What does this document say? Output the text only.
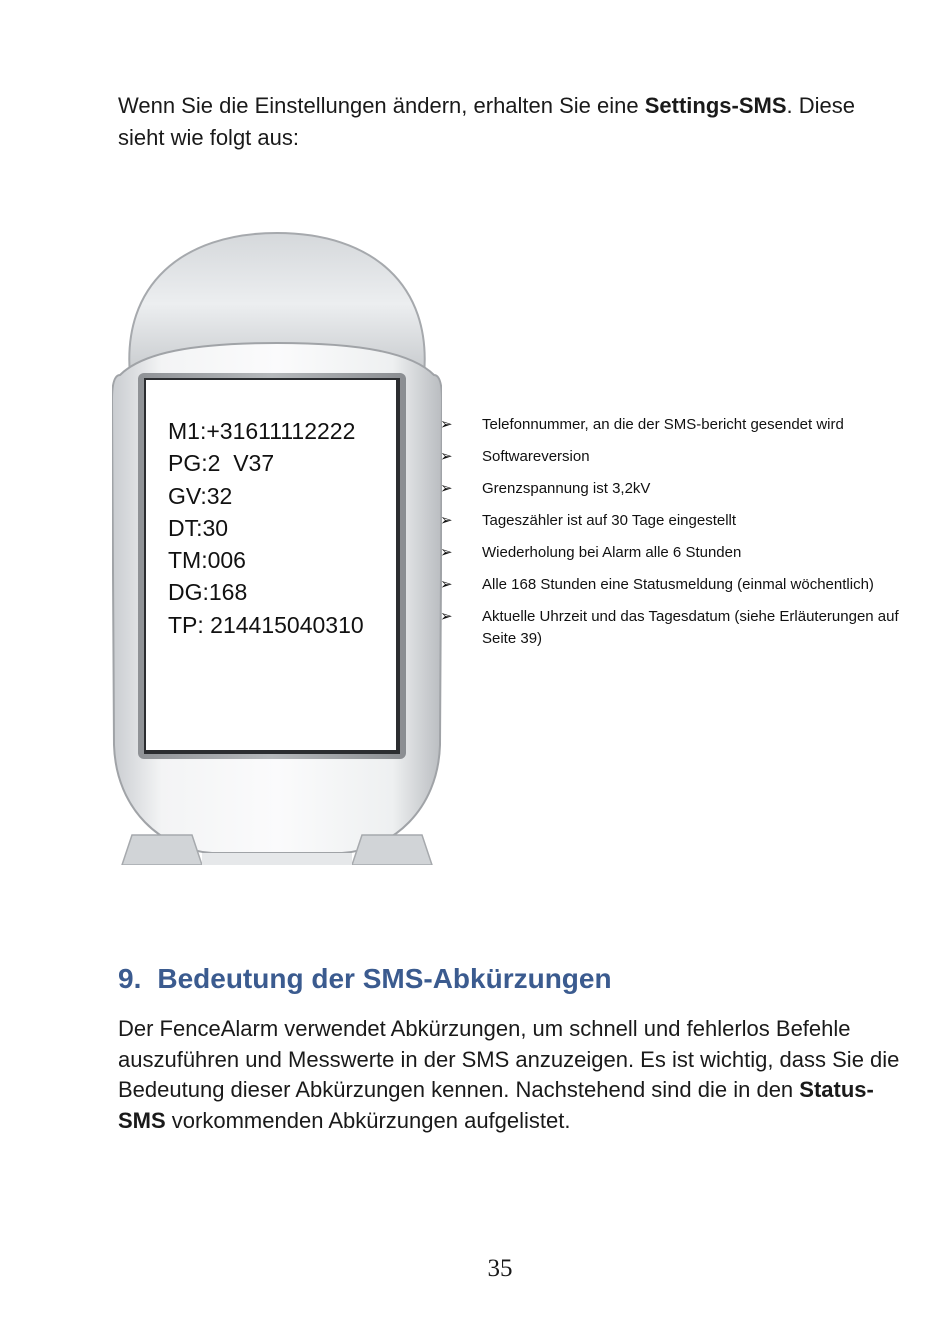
Wenn Sie die Einstellungen ändern, erhalten Sie eine Settings-SMS. Diese sieht wie folgt aus:

M1:+31611112222
PG:2  V37
GV:32
DT:30
TM:006
DG:168
TP: 214415040310
➢ Telefonnummer, an die der SMS-bericht gesendet wird
➢ Softwareversion
➢ Grenzspannung ist 3,2kV
➢ Tageszähler ist auf 30 Tage eingestellt
➢ Wiederholung bei Alarm alle 6 Stunden
➢ Alle 168 Stunden eine Statusmeldung (einmal wöchentlich)
➢ Aktuelle Uhrzeit und das Tagesdatum (siehe Erläuterungen auf Seite 39)
9. Bedeutung der SMS-Abkürzungen

Der FenceAlarm verwendet Abkürzungen, um schnell und fehlerlos Befehle auszuführen und Messwerte in der SMS anzuzeigen. Es ist wichtig, dass Sie die Bedeutung dieser Abkürzungen kennen. Nachstehend sind die in den Status-SMS vorkommenden Abkürzungen aufgelistet.

35
